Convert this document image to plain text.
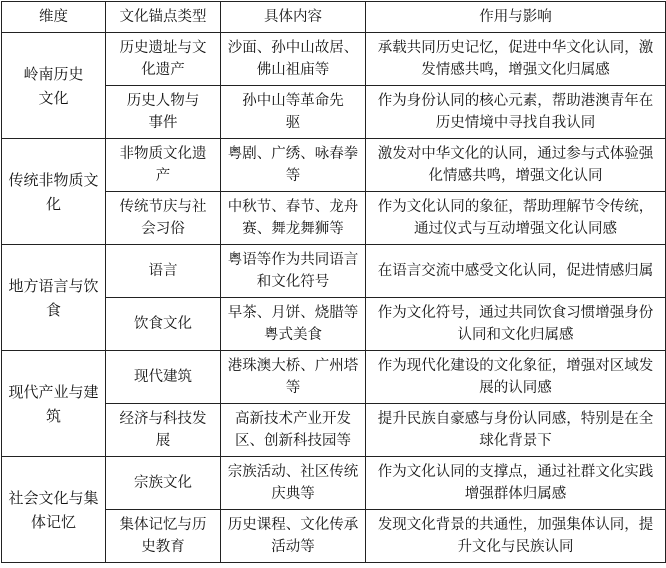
维度	文化锚点类型	具体内容	作用与影响

岭南历史文化	历史遗址与文化遗产	沙面、孙中山故居、佛山祖庙等	承载共同历史记忆，促进中华文化认同，激发情感共鸣，增强文化归属感

	历史人物与事件	孙中山等革命先驱	作为身份认同的核心元素，帮助港澳青年在历史情境中寻找自我认同

传统非物质文化	非物质文化遗产	粤剧、广绣、咏春拳等	激发对中华文化的认同，通过参与式体验强化情感共鸣，增强文化认同

	传统节庆与社会习俗	中秋节、春节、龙舟赛、舞龙舞狮等	作为文化认同的象征，帮助理解节令传统，通过仪式与互动增强文化认同感

地方语言与饮食	语言	粤语等作为共同语言和文化符号	在语言交流中感受文化认同，促进情感归属

	饮食文化	早茶、月饼、烧腊等粤式美食	作为文化符号，通过共同饮食习惯增强身份认同和文化归属感

现代产业与建筑	现代建筑	港珠澳大桥、广州塔等	作为现代化建设的文化象征，增强对区域发展的认同感

	经济与科技发展	高新技术产业开发区、创新科技园等	提升民族自豪感与身份认同感，特别是在全球化背景下

社会文化与集体记忆	宗族文化	宗族活动、社区传统庆典等	作为文化认同的支撑点，通过社群文化实践增强群体归属感

	集体记忆与历史教育	历史课程、文化传承活动等	发现文化背景的共通性，加强集体认同，提升文化与民族认同
